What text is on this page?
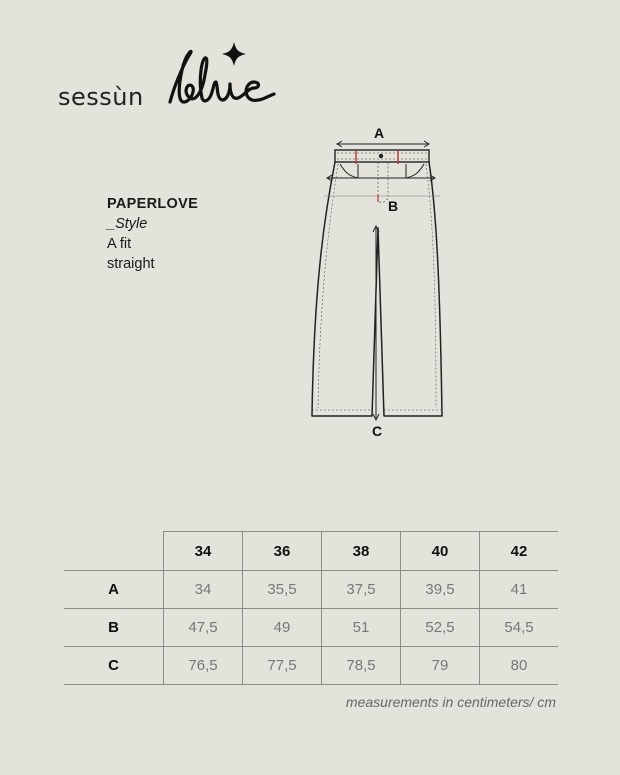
sessùn
PAPERLOVE
_Style
A fit
straight
A
B
C
	34	36	38	40	42
A	34	35,5	37,5	39,5	41
B	47,5	49	51	52,5	54,5
C	76,5	77,5	78,5	79	80
measurements in centimeters/ cm
